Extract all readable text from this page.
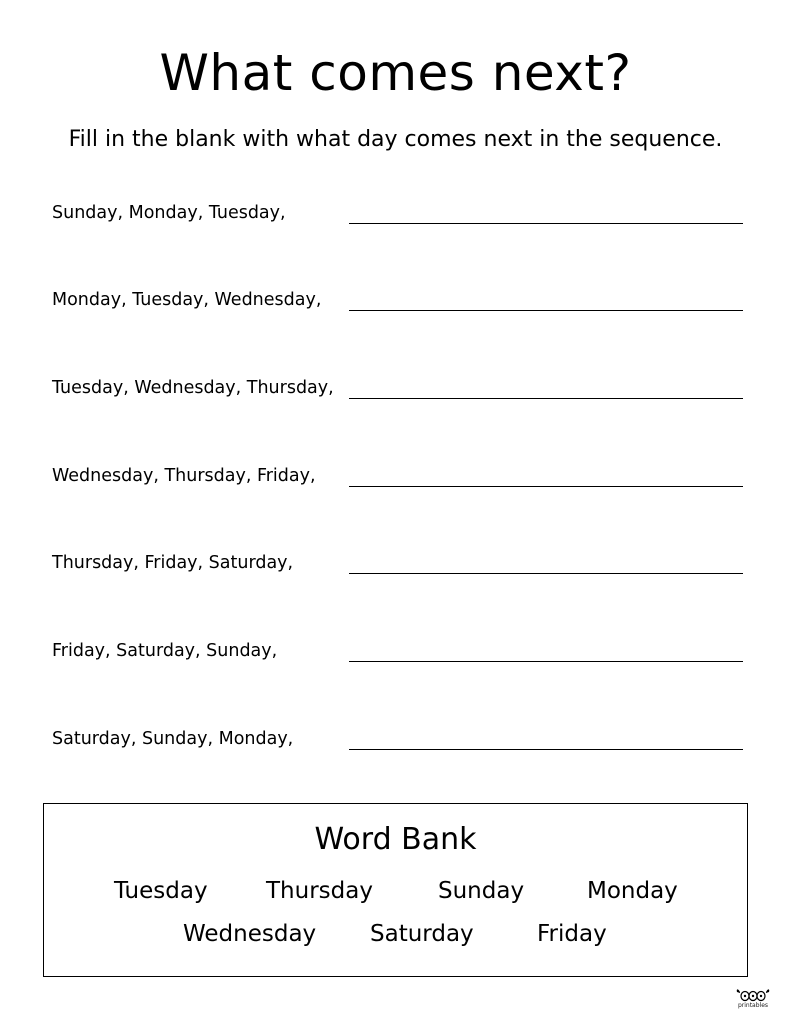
What comes next?

Fill in the blank with what day comes next in the sequence.

Sunday, Monday, Tuesday,
Monday, Tuesday, Wednesday,
Tuesday, Wednesday, Thursday,
Wednesday, Thursday, Friday,
Thursday, Friday, Saturday,
Friday, Saturday, Sunday,
Saturday, Sunday, Monday,
Word Bank
Tuesday	Thursday	Sunday	Monday
Wednesday Saturday	Friday
printables
